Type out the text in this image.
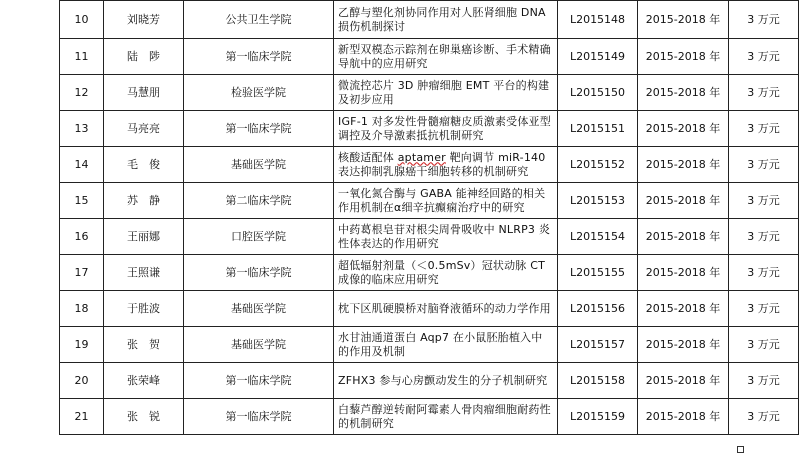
10	刘晓芳	公共卫生学院	乙醇与塑化剂协同作用对人胚肾细胞 DNA 损伤机制探讨	L2015148	2015-2018 年	3 万元
11	陆　陟	第一临床学院	新型双模态示踪剂在卵巢癌诊断、手术精确导航中的应用研究	L2015149	2015-2018 年	3 万元
12	马慧朋	检验医学院	微流控芯片 3D 肿瘤细胞 EMT 平台的构建及初步应用	L2015150	2015-2018 年	3 万元
13	马亮亮	第一临床学院	IGF-1 对多发性骨髓瘤糖皮质激素受体亚型调控及介导激素抵抗机制研究	L2015151	2015-2018 年	3 万元
14	毛　俊	基础医学院	核酸适配体 aptamer 靶向调节 miR-140 表达抑制乳腺癌干细胞转移的机制研究	L2015152	2015-2018 年	3 万元
15	苏　静	第二临床学院	一氧化氮合酶与 GABA 能神经回路的相关作用机制在α细辛抗癫痫治疗中的研究	L2015153	2015-2018 年	3 万元
16	王丽娜	口腔医学院	中药葛根皂苷对根尖周骨吸收中 NLRP3 炎性体表达的作用研究	L2015154	2015-2018 年	3 万元
17	王照谦	第一临床学院	超低辐射剂量（＜0.5mSv）冠状动脉 CT 成像的临床应用研究	L2015155	2015-2018 年	3 万元
18	于胜波	基础医学院	枕下区肌硬膜桥对脑脊液循环的动力学作用	L2015156	2015-2018 年	3 万元
19	张　贺	基础医学院	水甘油通道蛋白 Aqp7 在小鼠胚胎植入中的作用及机制	L2015157	2015-2018 年	3 万元
20	张荣峰	第一临床学院	ZFHX3 参与心房颤动发生的分子机制研究	L2015158	2015-2018 年	3 万元
21	张　锐	第一临床学院	白藜芦醇逆转耐阿霉素人骨肉瘤细胞耐药性的机制研究	L2015159	2015-2018 年	3 万元
